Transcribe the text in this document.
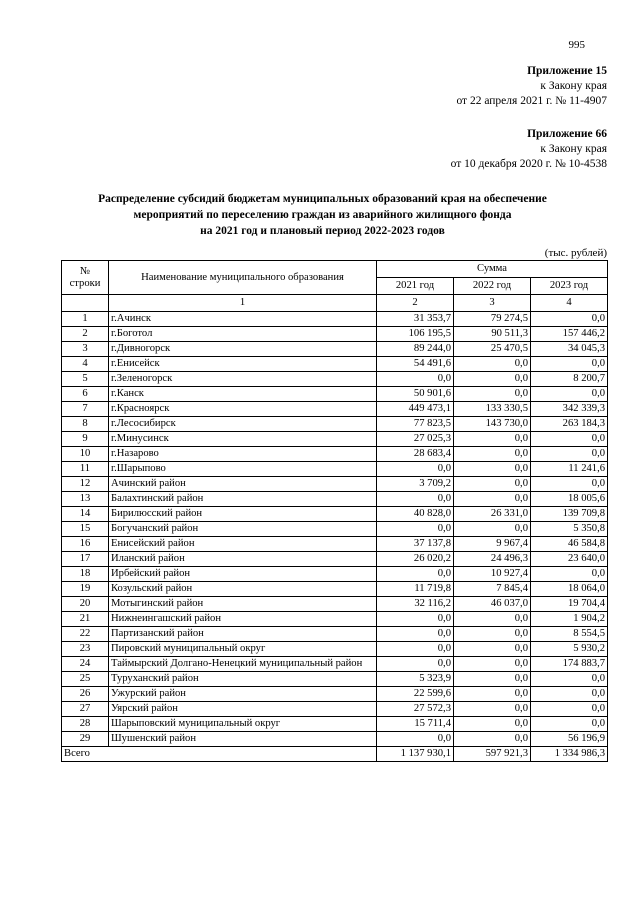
995
Приложение 15
к Закону края
от 22 апреля 2021 г. № 11-4907
Приложение 66
к Закону края
от 10 декабря 2020 г. № 10-4538
Распределение субсидий бюджетам муниципальных образований края на обеспечение
мероприятий по переселению граждан из аварийного жилищного фонда
на 2021 год и плановый период 2022-2023 годов
(тыс. рублей)
№
строки	Наименование муниципального образования	Сумма		
		2021 год	2022 год	2023 год
	1	2	3	4
1	г.Ачинск	31 353,7	79 274,5	0,0
2	г.Боготол	106 195,5	90 511,3	157 446,2
3	г.Дивногорск	89 244,0	25 470,5	34 045,3
4	г.Енисейск	54 491,6	0,0	0,0
5	г.Зеленогорск	0,0	0,0	8 200,7
6	г.Канск	50 901,6	0,0	0,0
7	г.Красноярск	449 473,1	133 330,5	342 339,3
8	г.Лесосибирск	77 823,5	143 730,0	263 184,3
9	г.Минусинск	27 025,3	0,0	0,0
10	г.Назарово	28 683,4	0,0	0,0
11	г.Шарыпово	0,0	0,0	11 241,6
12	Ачинский район	3 709,2	0,0	0,0
13	Балахтинский район	0,0	0,0	18 005,6
14	Бирилюсский район	40 828,0	26 331,0	139 709,8
15	Богучанский район	0,0	0,0	5 350,8
16	Енисейский район	37 137,8	9 967,4	46 584,8
17	Иланский район	26 020,2	24 496,3	23 640,0
18	Ирбейский район	0,0	10 927,4	0,0
19	Козульский район	11 719,8	7 845,4	18 064,0
20	Мотыгинский район	32 116,2	46 037,0	19 704,4
21	Нижнеингашский район	0,0	0,0	1 904,2
22	Партизанский район	0,0	0,0	8 554,5
23	Пировский муниципальный округ	0,0	0,0	5 930,2
24	Таймырский Долгано-Ненецкий муниципальный район	0,0	0,0	174 883,7
25	Туруханский район	5 323,9	0,0	0,0
26	Ужурский район	22 599,6	0,0	0,0
27	Уярский район	27 572,3	0,0	0,0
28	Шарыповский муниципальный округ	15 711,4	0,0	0,0
29	Шушенский район	0,0	0,0	56 196,9
Всего		1 137 930,1	597 921,3	1 334 986,3
